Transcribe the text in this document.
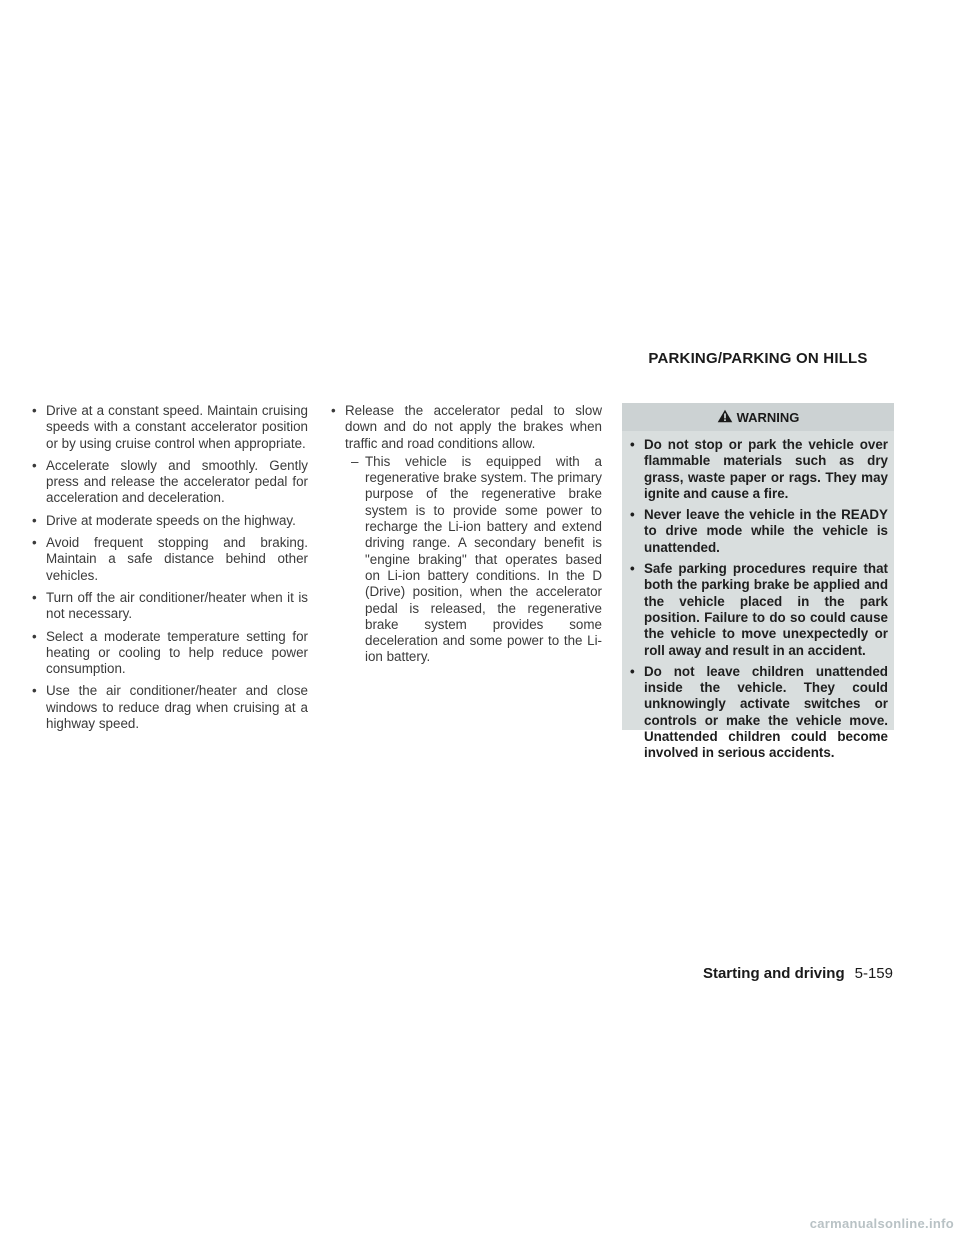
• Drive at a constant speed. Maintain cruising speeds with a constant accelerator position or by using cruise control when appropriate.
• Accelerate slowly and smoothly. Gently press and release the accelerator pedal for acceleration and deceleration.
• Drive at moderate speeds on the highway.
• Avoid frequent stopping and braking. Maintain a safe distance behind other vehicles.
• Turn off the air conditioner/heater when it is not necessary.
• Select a moderate temperature setting for heating or cooling to help reduce power consumption.
• Use the air conditioner/heater and close windows to reduce drag when cruising at a highway speed.
• Release the accelerator pedal to slow down and do not apply the brakes when traffic and road conditions allow.
– This vehicle is equipped with a regenerative brake system. The primary purpose of the regenerative brake system is to provide some power to recharge the Li-ion battery and extend driving range. A secondary benefit is "engine braking" that operates based on Li-ion battery conditions. In the D (Drive) position, when the accelerator pedal is released, the regenerative brake system provides some deceleration and some power to the Li-ion battery.
PARKING/PARKING ON HILLS
WARNING
• Do not stop or park the vehicle over flammable materials such as dry grass, waste paper or rags. They may ignite and cause a fire.
• Never leave the vehicle in the READY to drive mode while the vehicle is unattended.
• Safe parking procedures require that both the parking brake be applied and the vehicle placed in the park position. Failure to do so could cause the vehicle to move unexpectedly or roll away and result in an accident.
• Do not leave children unattended inside the vehicle. They could unknowingly activate switches or controls or make the vehicle move. Unattended children could become involved in serious accidents.
Starting and driving 5-159
carmanualsonline.info
